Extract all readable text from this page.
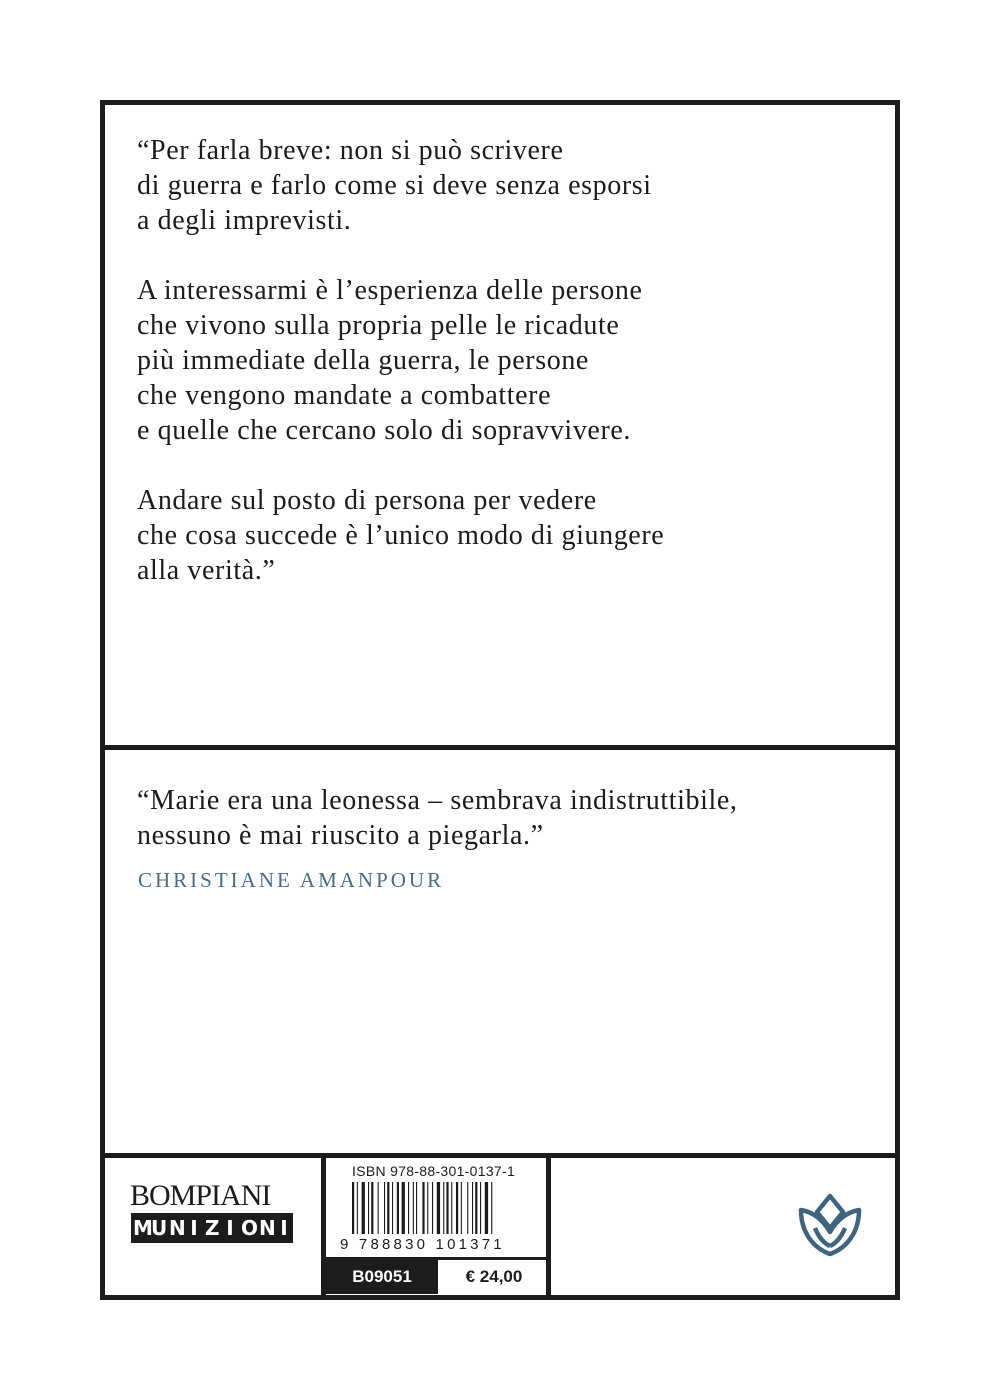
“Per farla breve: non si può scrivere
di guerra e farlo come si deve senza esporsi
a degli imprevisti.

A interessarmi è l’esperienza delle persone
che vivono sulla propria pelle le ricadute
più immediate della guerra, le persone
che vengono mandate a combattere
e quelle che cercano solo di sopravvivere.

Andare sul posto di persona per vedere
che cosa succede è l’unico modo di giungere
alla verità.”

“Marie era una leonessa – sembrava indistruttibile,
nessuno è mai riuscito a piegarla.”
CHRISTIANE AMANPOUR
BOMPIANI
M
U N I Z I O N I
ISBN 978-88-301-0137-1
9 788830 101371
B09051	€ 24,00
